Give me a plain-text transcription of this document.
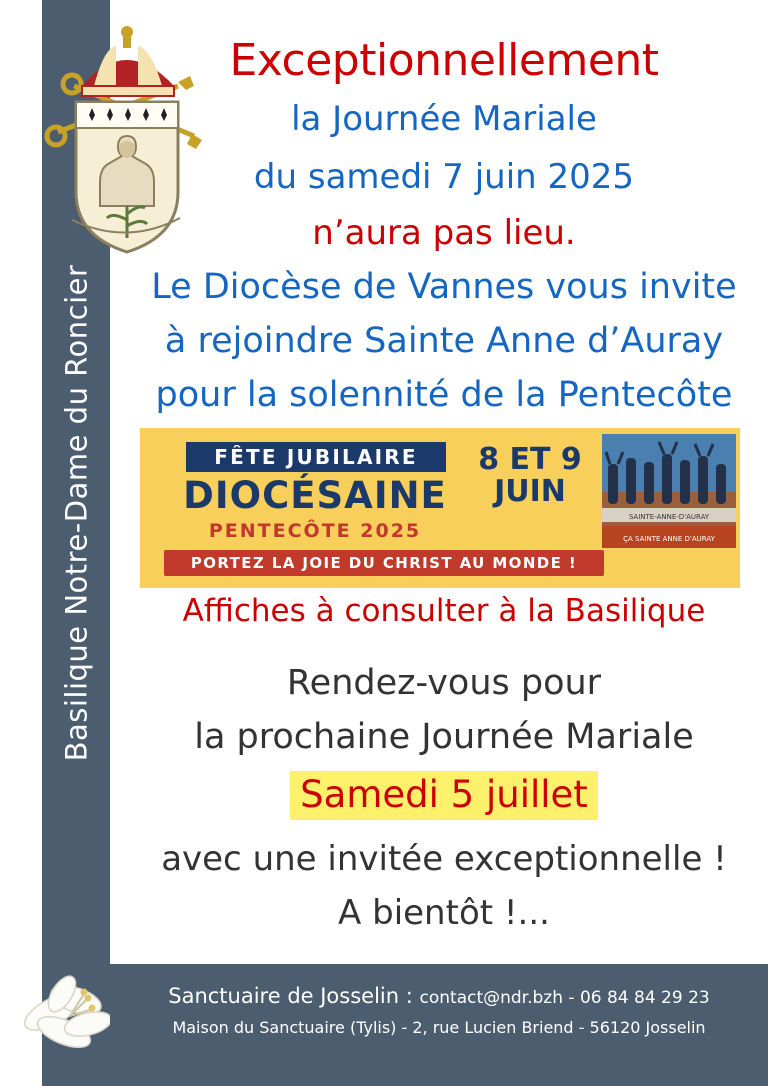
Basilique Notre-Dame du Roncier
Exceptionnellement
la Journée Mariale
du samedi 7 juin 2025
n’aura pas lieu.
Le Diocèse de Vannes vous invite
à rejoindre Sainte Anne d’Auray
pour la solennité de la Pentecôte
FÊTE JUBILAIRE
DIOCÉSAINE
PENTECÔTE 2025
PORTEZ LA JOIE DU CHRIST AU MONDE !
8 ET 9
JUIN
SAINTE-ANNE-D'AURAY
ÇA SAINTE ANNE D'AURAY
Affiches à consulter à la Basilique
Rendez-vous pour
la prochaine Journée Mariale
Samedi 5 juillet
avec une invitée exceptionnelle !
A bientôt !...
Sanctuaire de Josselin : contact@ndr.bzh - 06 84 84 29 23
Maison du Sanctuaire (Tylis) - 2, rue Lucien Briend - 56120 Josselin
